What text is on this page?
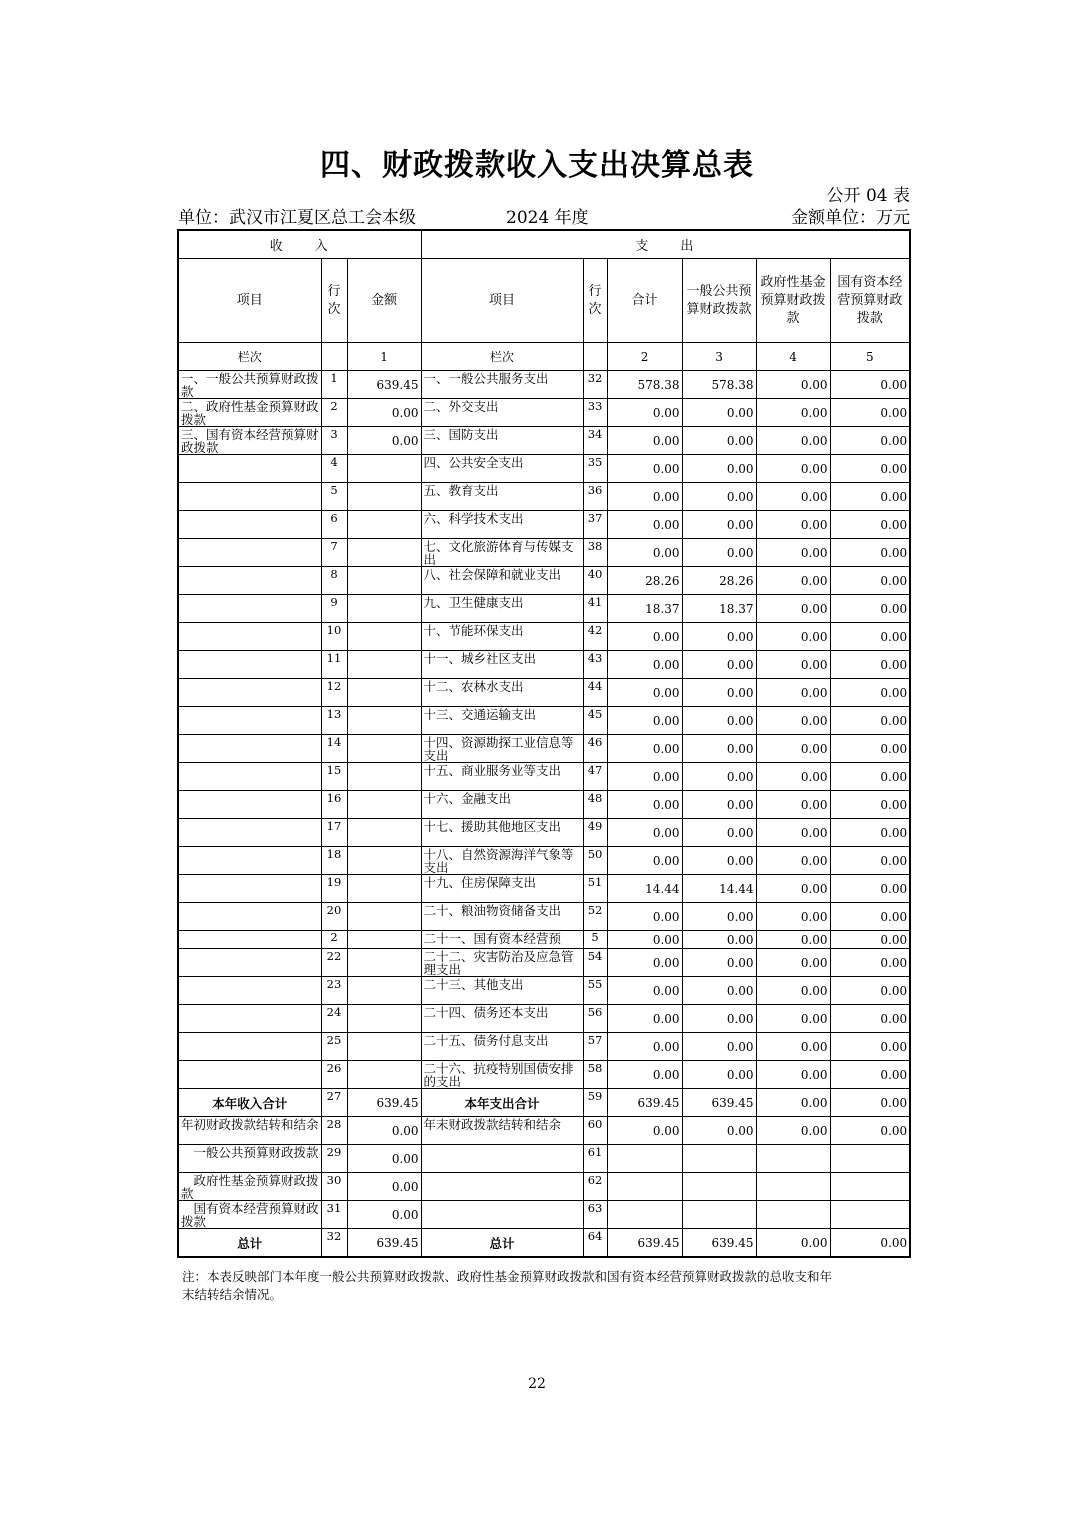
四、财政拨款收入支出决算总表
公开 04 表
单位：武汉市江夏区总工会本级	2024 年度	金额单位：万元
收　　入			支　　出					
项目	行次	金额	项目	行次	合计	一般公共预算财政拨款	政府性基金预算财政拨款	国有资本经营预算财政拨款
栏次		1	栏次		2	3	4	5

一、一般公共预算财政拨款	1	639.45	一、一般公共服务支出	32	578.38	578.38	0.00	0.00

二、政府性基金预算财政拨款	2	0.00	二、外交支出	33	0.00	0.00	0.00	0.00

三、国有资本经营预算财政拨款	3	0.00	三、国防支出	34	0.00	0.00	0.00	0.00

	4		四、公共安全支出	35	0.00	0.00	0.00	0.00

	5		五、教育支出	36	0.00	0.00	0.00	0.00

	6		六、科学技术支出	37	0.00	0.00	0.00	0.00

	7		七、文化旅游体育与传媒支出	38	0.00	0.00	0.00	0.00

	8		八、社会保障和就业支出	40	28.26	28.26	0.00	0.00

	9		九、卫生健康支出	41	18.37	18.37	0.00	0.00

	10		十、节能环保支出	42	0.00	0.00	0.00	0.00

	11		十一、城乡社区支出	43	0.00	0.00	0.00	0.00

	12		十二、农林水支出	44	0.00	0.00	0.00	0.00

	13		十三、交通运输支出	45	0.00	0.00	0.00	0.00

	14		十四、资源勘探工业信息等支出	46	0.00	0.00	0.00	0.00

	15		十五、商业服务业等支出	47	0.00	0.00	0.00	0.00

	16		十六、金融支出	48	0.00	0.00	0.00	0.00

	17		十七、援助其他地区支出	49	0.00	0.00	0.00	0.00

	18		十八、自然资源海洋气象等支出	50	0.00	0.00	0.00	0.00

	19		十九、住房保障支出	51	14.44	14.44	0.00	0.00

	20		二十、粮油物资储备支出	52	0.00	0.00	0.00	0.00

	2		二十一、国有资本经营预	5	0.00	0.00	0.00	0.00

	22		二十二、灾害防治及应急管理支出	54	0.00	0.00	0.00	0.00

	23		二十三、其他支出	55	0.00	0.00	0.00	0.00

	24		二十四、债务还本支出	56	0.00	0.00	0.00	0.00

	25		二十五、债务付息支出	57	0.00	0.00	0.00	0.00

	26		二十六、抗疫特别国债安排的支出	58	0.00	0.00	0.00	0.00
本年收入合计	27	639.45	本年支出合计	59	639.45	639.45	0.00	0.00

年初财政拨款结转和结余	28	0.00	年末财政拨款结转和结余	60	0.00	0.00	0.00	0.00

　一般公共预算财政拨款	29	0.00		61				

　政府性基金预算财政拨款	30	0.00		62				

　国有资本经营预算财政拨款	31	0.00		63				

总计	32	639.45	总计	64	639.45	639.45	0.00	0.00
注：本表反映部门本年度一般公共预算财政拨款、政府性基金预算财政拨款和国有资本经营预算财政拨款的总收支和年末结转结余情况。
22
